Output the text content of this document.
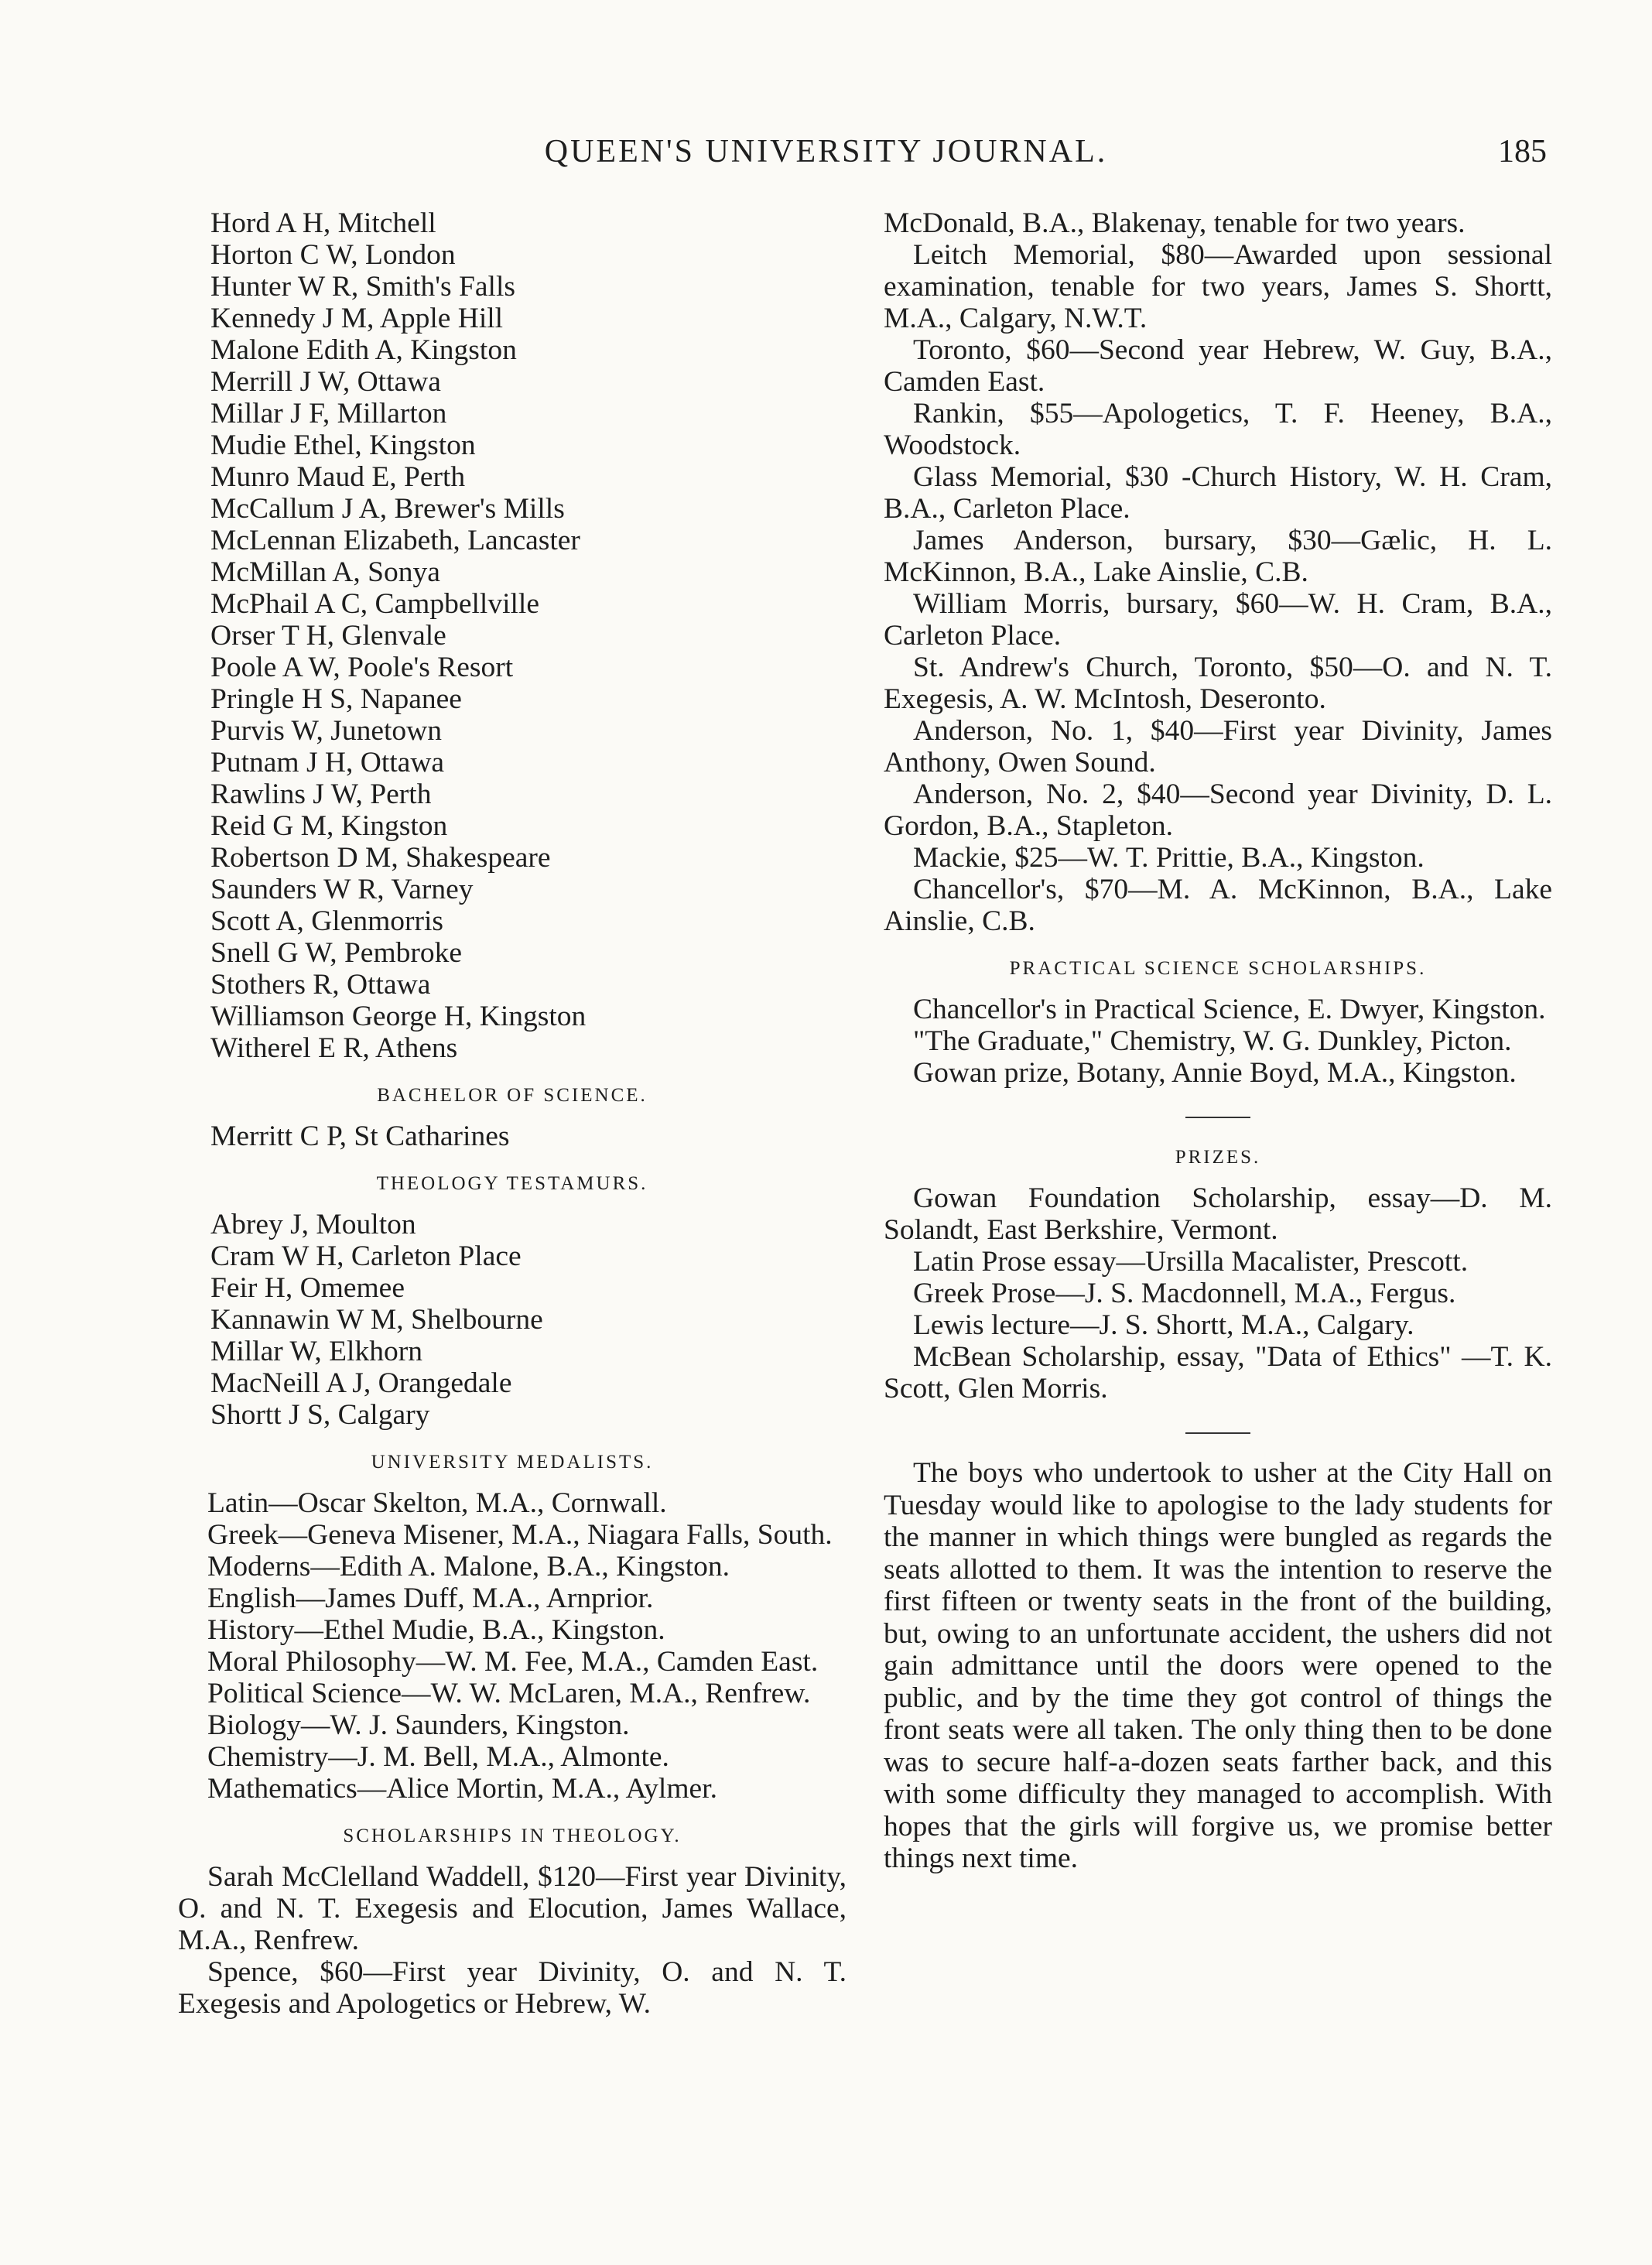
QUEEN'S UNIVERSITY JOURNAL.	185
Hord A H, Mitchell
Horton C W, London
Hunter W R, Smith's Falls
Kennedy J M, Apple Hill
Malone Edith A, Kingston
Merrill J W, Ottawa
Millar J F, Millarton
Mudie Ethel, Kingston
Munro Maud E, Perth
McCallum J A, Brewer's Mills
McLennan Elizabeth, Lancaster
McMillan A, Sonya
McPhail A C, Campbellville
Orser T H, Glenvale
Poole A W, Poole's Resort
Pringle H S, Napanee
Purvis W, Junetown
Putnam J H, Ottawa
Rawlins J W, Perth
Reid G M, Kingston
Robertson D M, Shakespeare
Saunders W R, Varney
Scott A, Glenmorris
Snell G W, Pembroke
Stothers R, Ottawa
Williamson George H, Kingston
Witherel E R, Athens
BACHELOR OF SCIENCE.
Merritt C P, St Catharines
THEOLOGY TESTAMURS.
Abrey J, Moulton
Cram W H, Carleton Place
Feir H, Omemee
Kannawin W M, Shelbourne
Millar W, Elkhorn
MacNeill A J, Orangedale
Shortt J S, Calgary
UNIVERSITY MEDALISTS.
Latin—Oscar Skelton, M.A., Cornwall.
Greek—Geneva Misener, M.A., Niagara Falls, South.
Moderns—Edith A. Malone, B.A., Kingston.
English—James Duff, M.A., Arnprior.
History—Ethel Mudie, B.A., Kingston.
Moral Philosophy—W. M. Fee, M.A., Camden East.
Political Science—W. W. McLaren, M.A., Renfrew.
Biology—W. J. Saunders, Kingston.
Chemistry—J. M. Bell, M.A., Almonte.
Mathematics—Alice Mortin, M.A., Aylmer.
SCHOLARSHIPS IN THEOLOGY.
Sarah McClelland Waddell, $120—First year Divinity, O. and N. T. Exegesis and Elocution, James Wallace, M.A., Renfrew.
Spence, $60—First year Divinity, O. and N. T. Exegesis and Apologetics or Hebrew, W.
McDonald, B.A., Blakenay, tenable for two years.
Leitch Memorial, $80—Awarded upon sessional examination, tenable for two years, James S. Shortt, M.A., Calgary, N.W.T.
Toronto, $60—Second year Hebrew, W. Guy, B.A., Camden East.
Rankin, $55—Apologetics, T. F. Heeney, B.A., Woodstock.
Glass Memorial, $30 -Church History, W. H. Cram, B.A., Carleton Place.
James Anderson, bursary, $30—Gælic, H. L. McKinnon, B.A., Lake Ainslie, C.B.
William Morris, bursary, $60—W. H. Cram, B.A., Carleton Place.
St. Andrew's Church, Toronto, $50—O. and N. T. Exegesis, A. W. McIntosh, Deseronto.
Anderson, No. 1, $40—First year Divinity, James Anthony, Owen Sound.
Anderson, No. 2, $40—Second year Divinity, D. L. Gordon, B.A., Stapleton.
Mackie, $25—W. T. Prittie, B.A., Kingston.
Chancellor's, $70—M. A. McKinnon, B.A., Lake Ainslie, C.B.
PRACTICAL SCIENCE SCHOLARSHIPS.
Chancellor's in Practical Science, E. Dwyer, Kingston.
"The Graduate," Chemistry, W. G. Dunkley, Picton.
Gowan prize, Botany, Annie Boyd, M.A., Kingston.
PRIZES.
Gowan Foundation Scholarship, essay—D. M. Solandt, East Berkshire, Vermont.
Latin Prose essay—Ursilla Macalister, Prescott.
Greek Prose—J. S. Macdonnell, M.A., Fergus.
Lewis lecture—J. S. Shortt, M.A., Calgary.
McBean Scholarship, essay, "Data of Ethics" —T. K. Scott, Glen Morris.
The boys who undertook to usher at the City Hall on Tuesday would like to apologise to the lady students for the manner in which things were bungled as regards the seats allotted to them. It was the intention to reserve the first fifteen or twenty seats in the front of the building, but, owing to an unfortunate accident, the ushers did not gain admittance until the doors were opened to the public, and by the time they got control of things the front seats were all taken. The only thing then to be done was to secure half-a-dozen seats farther back, and this with some difficulty they managed to accomplish. With hopes that the girls will forgive us, we promise better things next time.
